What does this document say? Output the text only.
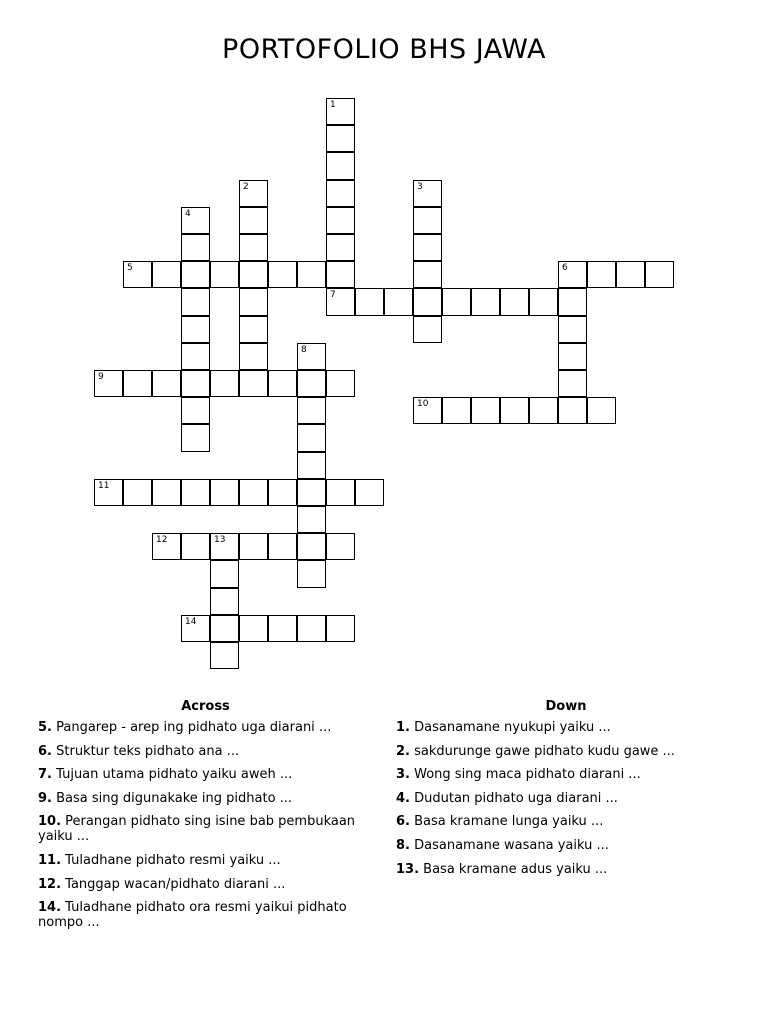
PORTOFOLIO BHS JAWA
5	6
7
9
10
11
12	13
14
1
2	3
4
8
Across
5. Pangarep - arep ing pidhato uga diarani ...
6. Struktur teks pidhato ana ...
7. Tujuan utama pidhato yaiku aweh ...
9. Basa sing digunakake ing pidhato ...
10. Perangan pidhato sing isine bab pembukaan yaiku ...
11. Tuladhane pidhato resmi yaiku ...
12. Tanggap wacan/pidhato diarani ...
14. Tuladhane pidhato ora resmi yaikui pidhato nompo ...
Down
1. Dasanamane nyukupi yaiku ...
2. sakdurunge gawe pidhato kudu gawe ...
3. Wong sing maca pidhato diarani ...
4. Dudutan pidhato uga diarani ...
6. Basa kramane lunga yaiku ...
8. Dasanamane wasana yaiku ...
13. Basa kramane adus yaiku ...
